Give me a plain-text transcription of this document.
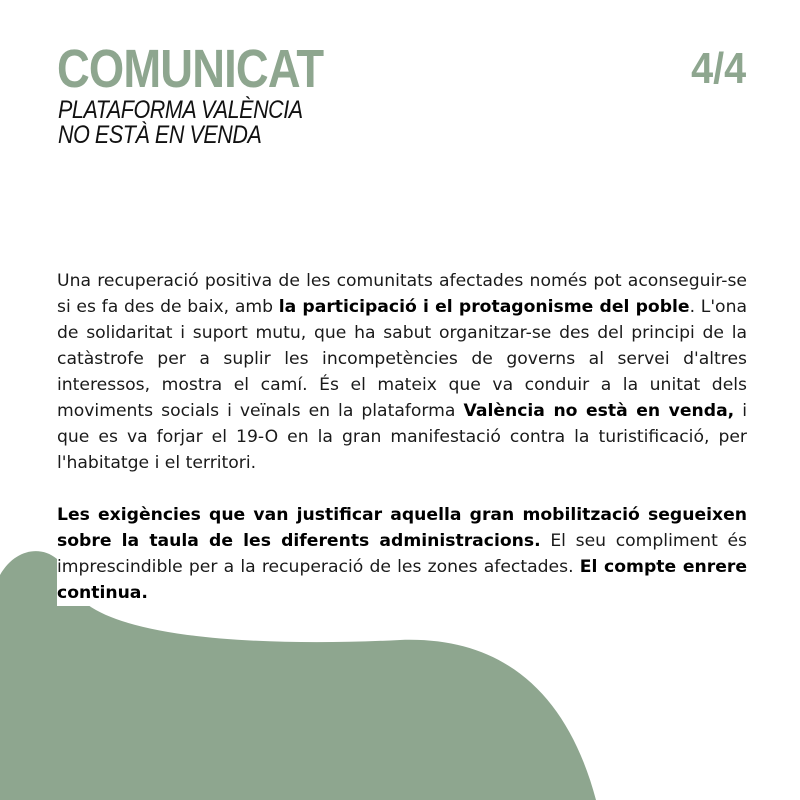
COMUNICAT	4/4
PLATAFORMA VALÈNCIA
NO ESTÀ EN VENDA

Una recuperació positiva de les comunitats afectades només pot aconseguir-se si es fa des de baix, amb la participació i el protagonisme del poble. L'ona de solidaritat i suport mutu, que ha sabut organitzar-se des del principi de la catàstrofe per a suplir les incompetències de governs al servei d'altres interessos, mostra el camí. És el mateix que va conduir a la unitat dels moviments socials i veïnals en la plataforma València no està en venda, i que es va forjar el 19-O en la gran manifestació contra la turistificació, per l'habitatge i el territori.

Les exigències que van justificar aquella gran mobilització segueixen sobre la taula de les diferents administracions. El seu compliment és imprescindible per a la recuperació de les zones afectades. El compte enrere continua.
